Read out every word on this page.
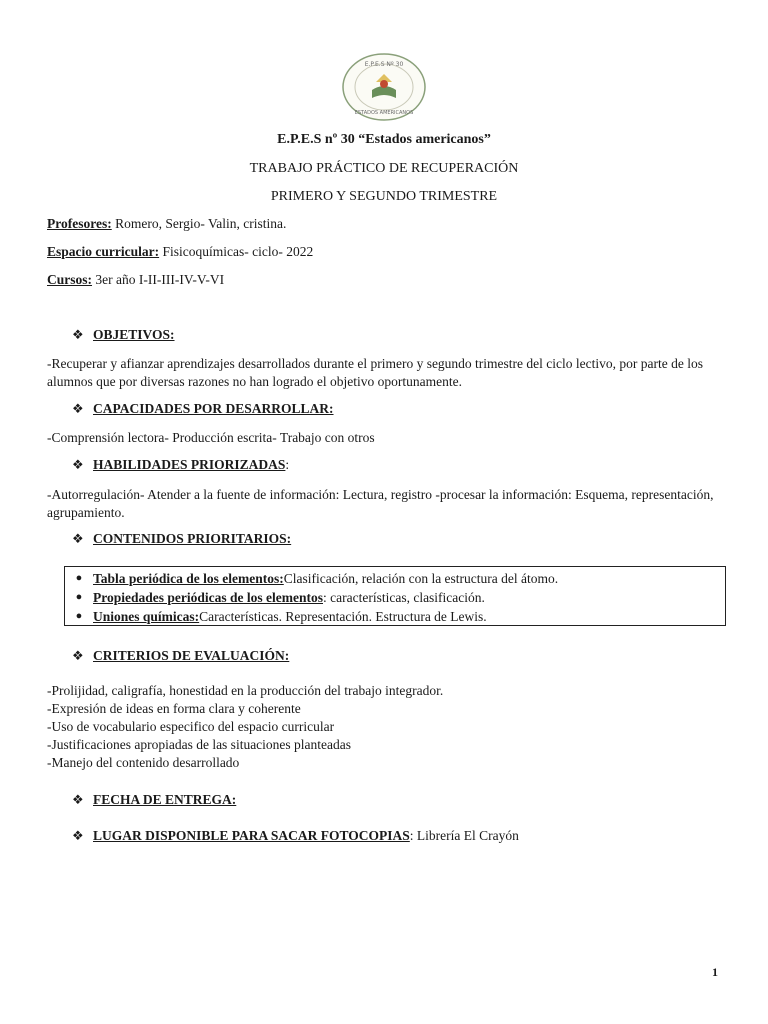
E.P.E.S Nº 30
ESTADOS AMERICANOS
E.P.E.S nº 30 “Estados americanos”
TRABAJO PRÁCTICO DE RECUPERACIÓN
PRIMERO Y SEGUNDO TRIMESTRE
Profesores: Romero, Sergio- Valin, cristina.
Espacio curricular: Fisicoquímicas- ciclo- 2022
Cursos: 3er año I-II-III-IV-V-VI
❖ OBJETIVOS:
-Recuperar y afianzar aprendizajes desarrollados durante el primero y segundo trimestre del ciclo lectivo, por parte de los alumnos que por diversas razones no han logrado el objetivo oportunamente.
❖ CAPACIDADES POR DESARROLLAR:
-Comprensión lectora- Producción escrita- Trabajo con otros
❖ HABILIDADES PRIORIZADAS :
-Autorregulación- Atender a la fuente de información: Lectura, registro -procesar la información: Esquema, representación, agrupamiento.
❖ CONTENIDOS PRIORITARIOS:
● Tabla periódica de los elementos: Clasificación, relación con la estructura del átomo.
● Propiedades periódicas de los elementos : características, clasificación.
● Uniones químicas: Características. Representación. Estructura de Lewis.
❖ CRITERIOS DE EVALUACIÓN:
-Prolijidad, caligrafía, honestidad en la producción del trabajo integrador.
-Expresión de ideas en forma clara y coherente
-Uso de vocabulario especifico del espacio curricular
-Justificaciones apropiadas de las situaciones planteadas
-Manejo del contenido desarrollado
❖ FECHA DE ENTREGA:
❖ LUGAR DISPONIBLE PARA SACAR FOTOCOPIAS : Librería El Crayón
1
